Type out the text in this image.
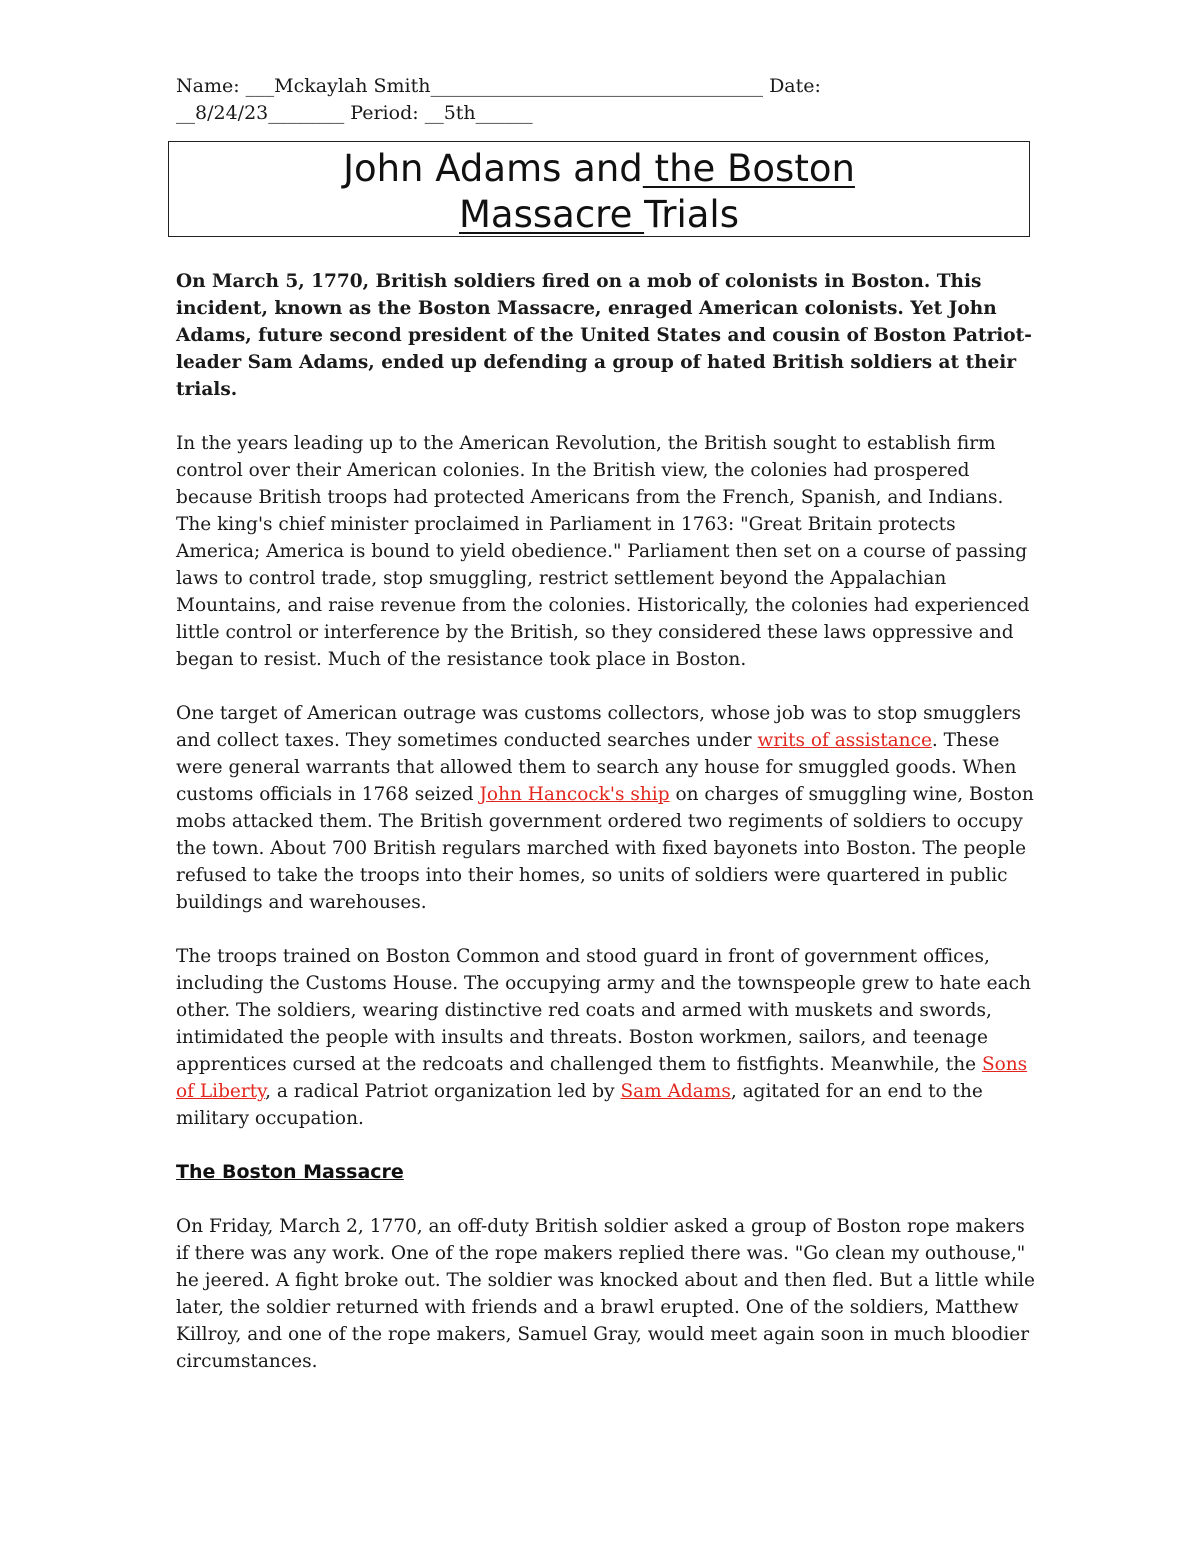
Name: ___Mckaylah Smith___________________________________ Date:
__8/24/23________ Period: __5th______
John Adams and the Boston
Massacre Trials

On March 5, 1770, British soldiers fired on a mob of colonists in Boston. This incident, known as the Boston Massacre, enraged American colonists. Yet John Adams, future second president of the United States and cousin of Boston Patriot-leader Sam Adams, ended up defending a group of hated British soldiers at their trials.

In the years leading up to the American Revolution, the British sought to establish firm control over their American colonies. In the British view, the colonies had prospered because British troops had protected Americans from the French, Spanish, and Indians. The king's chief minister proclaimed in Parliament in 1763: "Great Britain protects America; America is bound to yield obedience." Parliament then set on a course of passing laws to control trade, stop smuggling, restrict settlement beyond the Appalachian Mountains, and raise revenue from the colonies. Historically, the colonies had experienced little control or interference by the British, so they considered these laws oppressive and began to resist. Much of the resistance took place in Boston.

One target of American outrage was customs collectors, whose job was to stop smugglers and collect taxes. They sometimes conducted searches under writs of assistance. These were general warrants that allowed them to search any house for smuggled goods. When customs officials in 1768 seized John Hancock's ship on charges of smuggling wine, Boston mobs attacked them. The British government ordered two regiments of soldiers to occupy the town. About 700 British regulars marched with fixed bayonets into Boston. The people refused to take the troops into their homes, so units of soldiers were quartered in public buildings and warehouses.

The troops trained on Boston Common and stood guard in front of government offices, including the Customs House. The occupying army and the townspeople grew to hate each other. The soldiers, wearing distinctive red coats and armed with muskets and swords, intimidated the people with insults and threats. Boston workmen, sailors, and teenage apprentices cursed at the redcoats and challenged them to fistfights. Meanwhile, the Sons of Liberty, a radical Patriot organization led by Sam Adams, agitated for an end to the military occupation.

The Boston Massacre

On Friday, March 2, 1770, an off-duty British soldier asked a group of Boston rope makers if there was any work. One of the rope makers replied there was. "Go clean my outhouse," he jeered. A fight broke out. The soldier was knocked about and then fled. But a little while later, the soldier returned with friends and a brawl erupted. One of the soldiers, Matthew Killroy, and one of the rope makers, Samuel Gray, would meet again soon in much bloodier circumstances.
